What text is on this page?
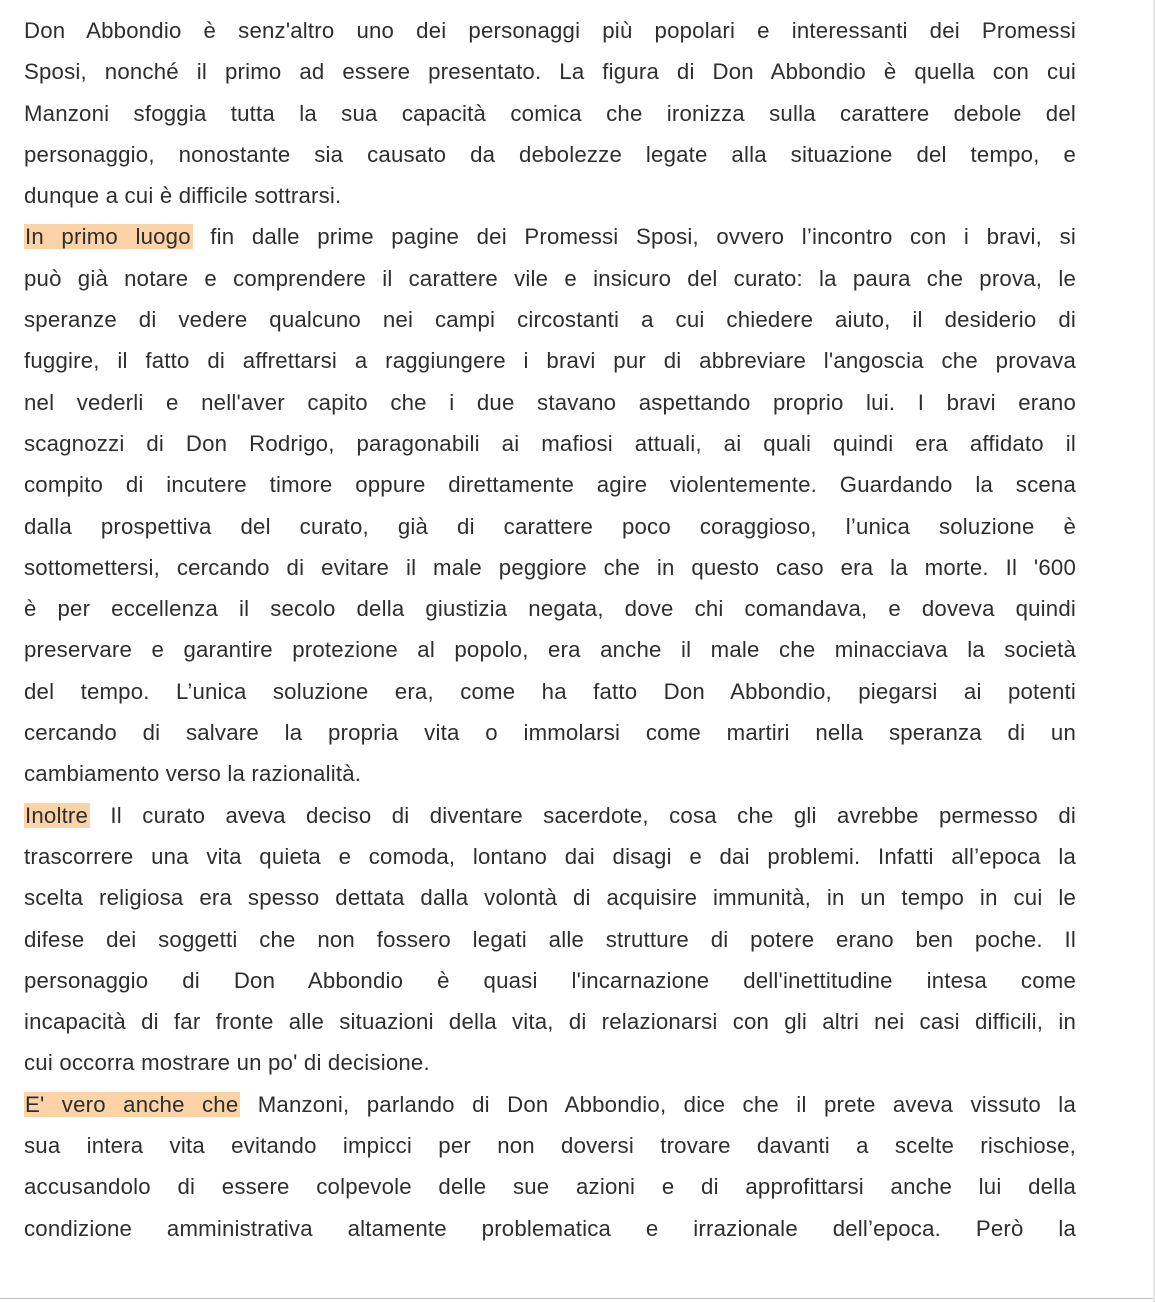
Don Abbondio è senz'altro uno dei personaggi più popolari e interessanti dei Promessi
Sposi, nonché il primo ad essere presentato. La figura di Don Abbondio è quella con cui
Manzoni sfoggia tutta la sua capacità comica che ironizza sulla carattere debole del
personaggio, nonostante sia causato da debolezze legate alla situazione del tempo, e
dunque a cui è difficile sottrarsi.
In primo luogo fin dalle prime pagine dei Promessi Sposi, ovvero l’incontro con i bravi, si
può già notare e comprendere il carattere vile e insicuro del curato: la paura che prova, le
speranze di vedere qualcuno nei campi circostanti a cui chiedere aiuto, il desiderio di
fuggire, il fatto di affrettarsi a raggiungere i bravi pur di abbreviare l'angoscia che provava
nel vederli e nell'aver capito che i due stavano aspettando proprio lui. I bravi erano
scagnozzi di Don Rodrigo, paragonabili ai mafiosi attuali, ai quali quindi era affidato il
compito di incutere timore oppure direttamente agire violentemente. Guardando la scena
dalla prospettiva del curato, già di carattere poco coraggioso, l’unica soluzione è
sottomettersi, cercando di evitare il male peggiore che in questo caso era la morte. Il '600
è per eccellenza il secolo della giustizia negata, dove chi comandava, e doveva quindi
preservare e garantire protezione al popolo, era anche il male che minacciava la società
del tempo. L’unica soluzione era, come ha fatto Don Abbondio, piegarsi ai potenti
cercando di salvare la propria vita o immolarsi come martiri nella speranza di un
cambiamento verso la razionalità.
Inoltre Il curato aveva deciso di diventare sacerdote, cosa che gli avrebbe permesso di
trascorrere una vita quieta e comoda, lontano dai disagi e dai problemi. Infatti all’epoca la
scelta religiosa era spesso dettata dalla volontà di acquisire immunità, in un tempo in cui le
difese dei soggetti che non fossero legati alle strutture di potere erano ben poche. Il
personaggio di Don Abbondio è quasi l'incarnazione dell'inettitudine intesa come
incapacità di far fronte alle situazioni della vita, di relazionarsi con gli altri nei casi difficili, in
cui occorra mostrare un po' di decisione.
E' vero anche che Manzoni, parlando di Don Abbondio, dice che il prete aveva vissuto la
sua intera vita evitando impicci per non doversi trovare davanti a scelte rischiose,
accusandolo di essere colpevole delle sue azioni e di approfittarsi anche lui della
condizione amministrativa altamente problematica e irrazionale dell’epoca. Però la
